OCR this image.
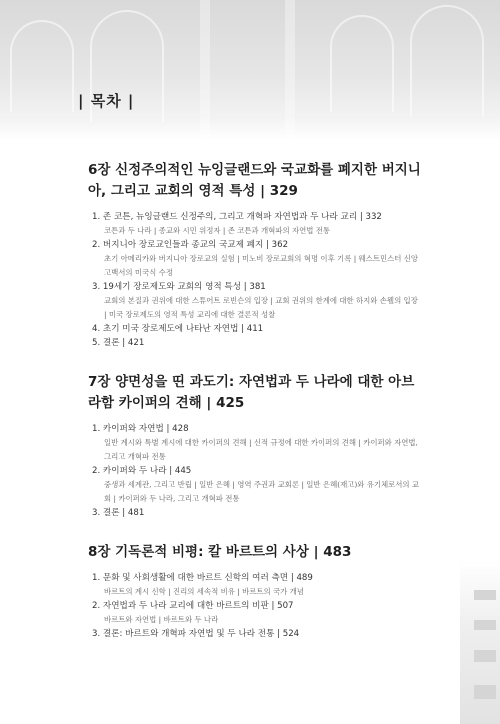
| 목차 |
6장 신정주의적인 뉴잉글랜드와 국교화를 폐지한 버지니아, 그리고 교회의 영적 특성 | 329
1. 존 코튼, 뉴잉글랜드 신정주의, 그리고 개혁파 자연법과 두 나라 교리 | 332
코튼과 두 나라 | 종교와 시민 위정자 | 존 코튼과 개혁파의 자연법 전통
2. 버지니아 장로교인들과 종교의 국교제 폐지 | 362
초기 아메리카와 버지니아 장로교의 실험 | 미노비 장로교회의 혁명 이후 기록 | 웨스트민스터 신앙고백서의 미국식 수정
3. 19세기 장로제도와 교회의 영적 특성 | 381
교회의 본질과 권위에 대한 스튜어트 로빈슨의 입장 | 교회 권위의 한계에 대한 하지와 손웰의 입장 | 미국 장로제도의 영적 특성 교리에 대한 결론적 성찰
4. 초기 미국 장로제도에 나타난 자연법 | 411
5. 결론 | 421
7장 양면성을 띤 과도기: 자연법과 두 나라에 대한 아브라함 카이퍼의 견해 | 425
1. 카이퍼와 자연법 | 428
일반 계시와 특별 계시에 대한 카이퍼의 견해 | 신적 규정에 대한 카이퍼의 견해 | 카이퍼와 자연법, 그리고 개혁파 전통
2. 카이퍼와 두 나라 | 445
중생과 세계관, 그리고 반립 | 일반 은혜 | 영역 주권과 교회론 | 일반 은혜(재고)와 유기체로서의 교회 | 카이퍼와 두 나라, 그리고 개혁파 전통
3. 결론 | 481
8장 기독론적 비평: 칼 바르트의 사상 | 483
1. 문화 및 사회생활에 대한 바르트 신학의 여러 측면 | 489
바르트의 계시 신학 | 진리의 세속적 비유 | 바르트의 국가 개념
2. 자연법과 두 나라 교리에 대한 바르트의 비판 | 507
바르트와 자연법 | 바르트와 두 나라
3. 결론: 바르트와 개혁파 자연법 및 두 나라 전통 | 524
